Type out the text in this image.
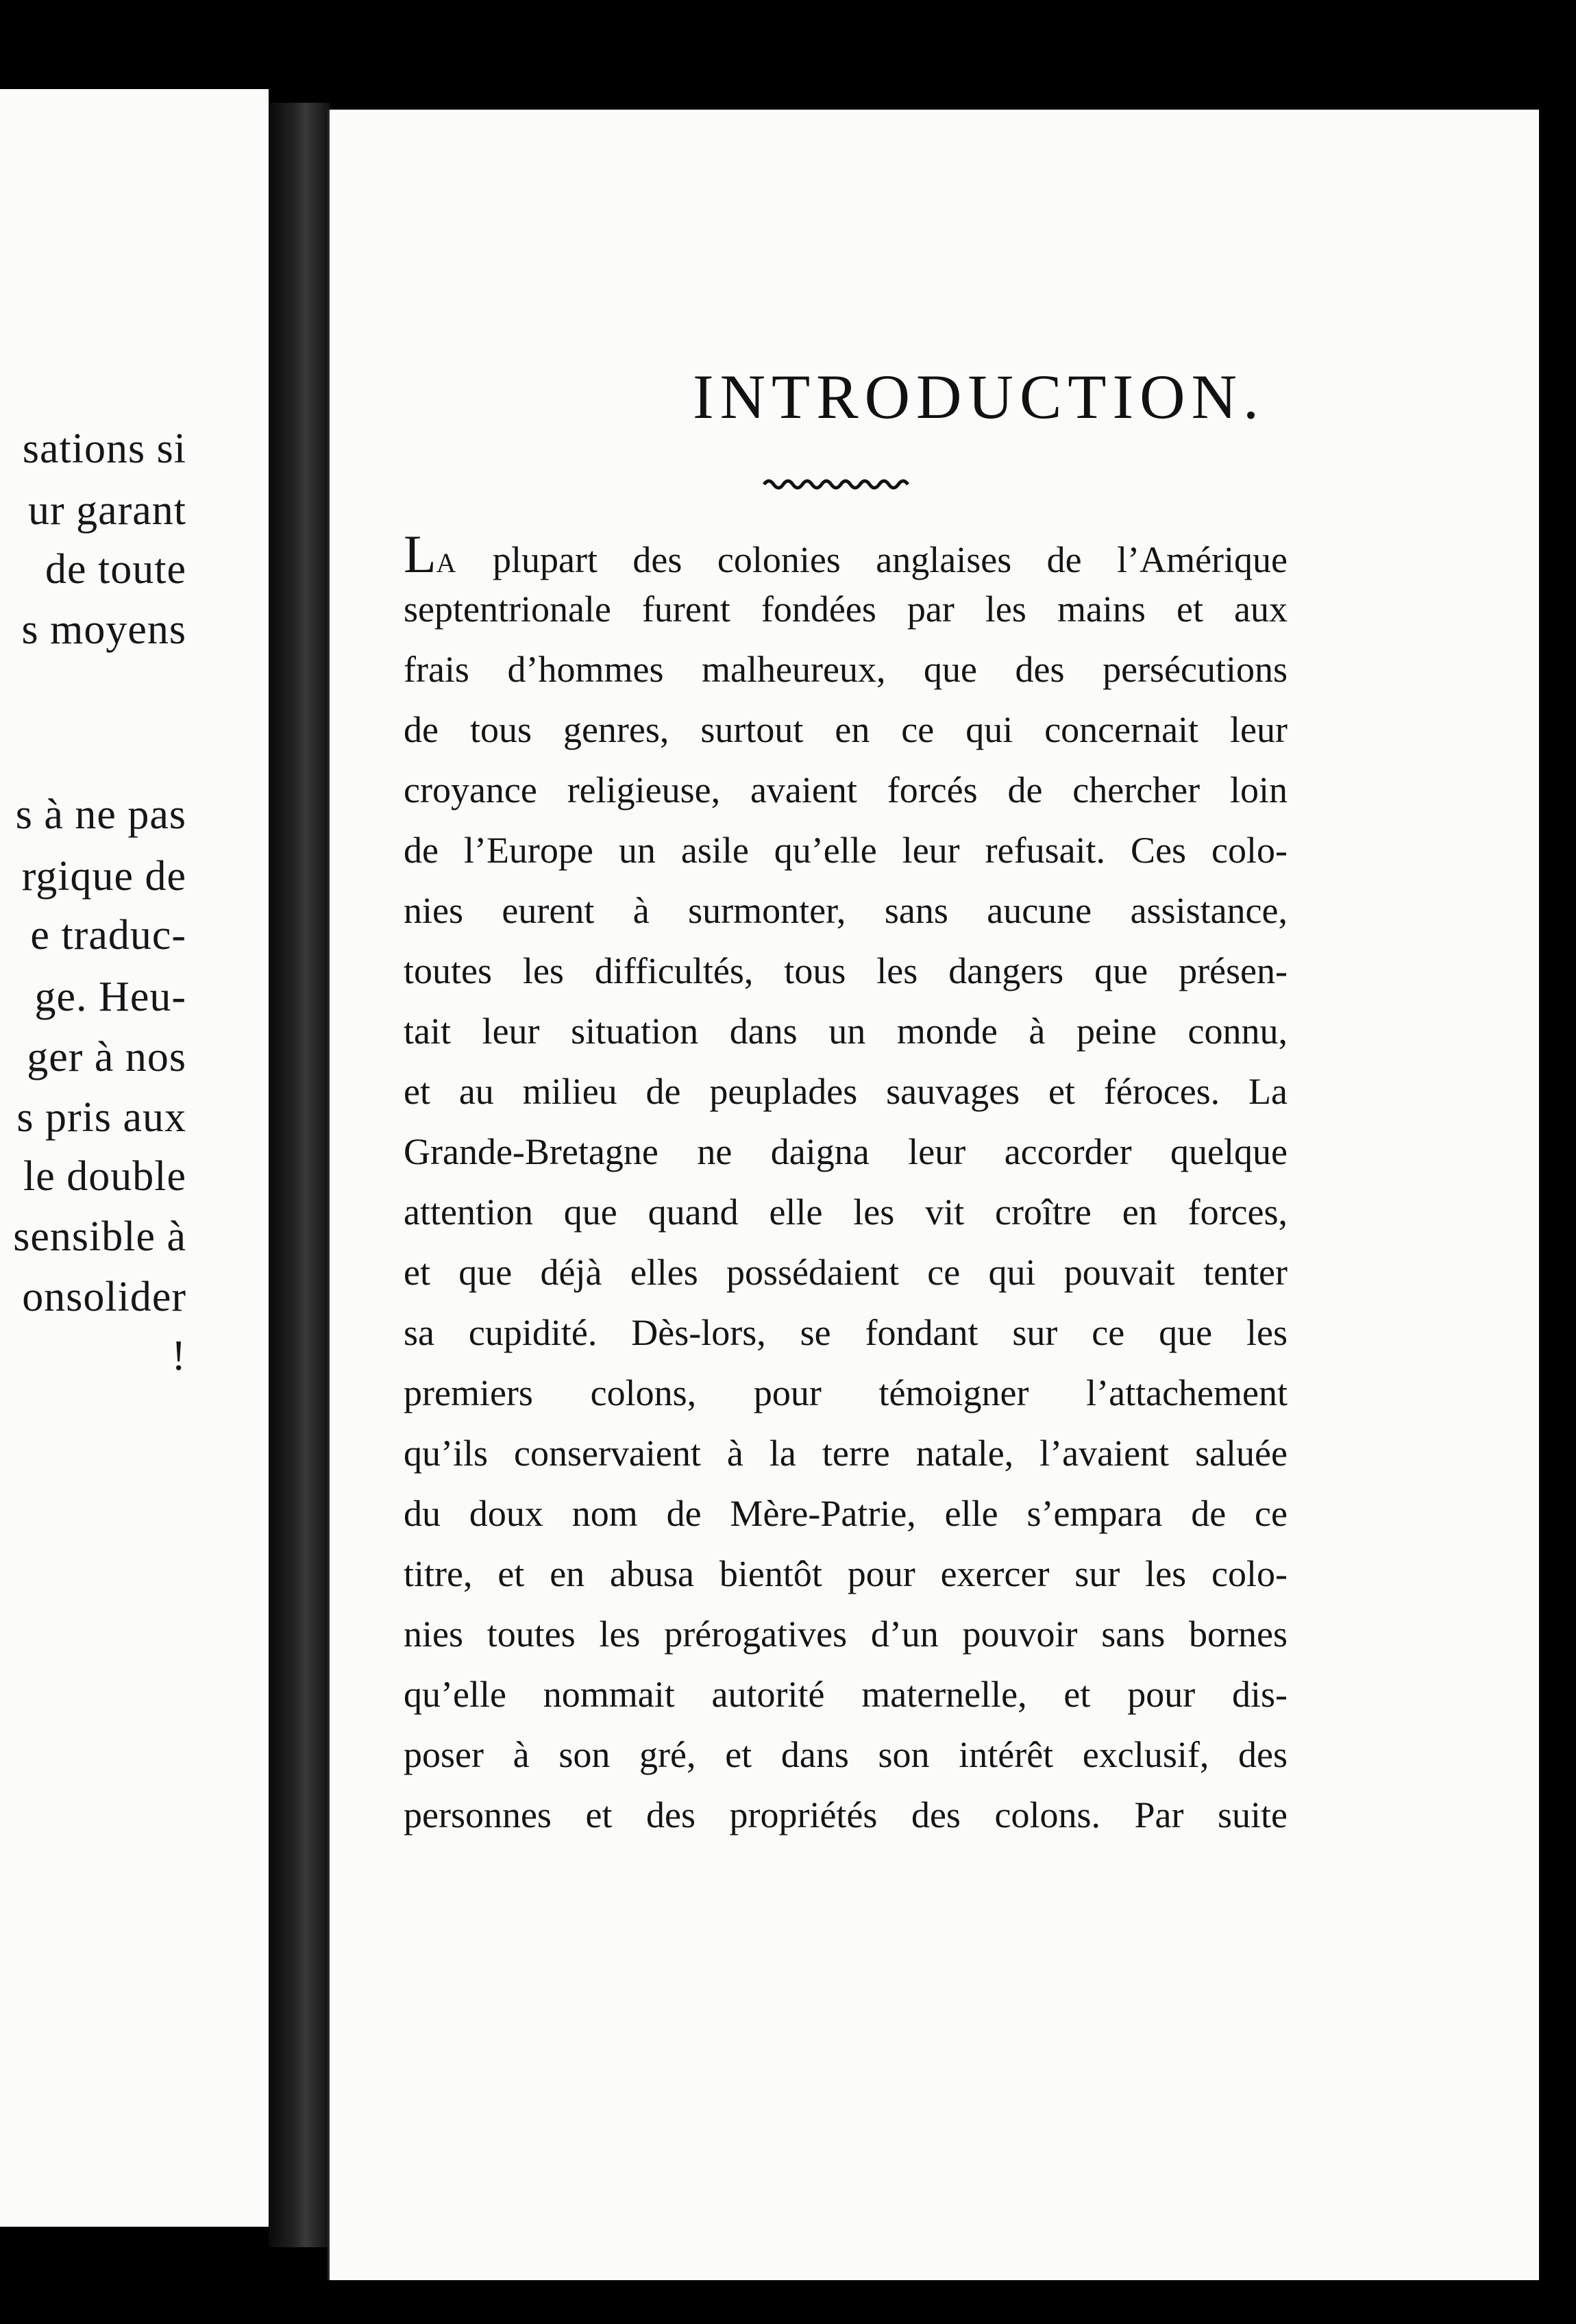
sations si
ur garant
de toute
s moyens
s à ne pas
rgique de
e traduc-
ge. Heu-
ger à nos
s pris aux
le double
sensible à
onsolider
!
INTRODUCTION.
LA plupart des colonies anglaises de l’Amérique
septentrionale furent fondées par les mains et aux
frais d’hommes malheureux, que des persécutions
de tous genres, surtout en ce qui concernait leur
croyance religieuse, avaient forcés de chercher loin
de l’Europe un asile qu’elle leur refusait. Ces colo-
nies eurent à surmonter, sans aucune assistance,
toutes les difficultés, tous les dangers que présen-
tait leur situation dans un monde à peine connu,
et au milieu de peuplades sauvages et féroces. La
Grande-Bretagne ne daigna leur accorder quelque
attention que quand elle les vit croître en forces,
et que déjà elles possédaient ce qui pouvait tenter
sa cupidité. Dès-lors, se fondant sur ce que les
premiers colons, pour témoigner l’attachement
qu’ils conservaient à la terre natale, l’avaient saluée
du doux nom de Mère-Patrie, elle s’empara de ce
titre, et en abusa bientôt pour exercer sur les colo-
nies toutes les prérogatives d’un pouvoir sans bornes
qu’elle nommait autorité maternelle, et pour dis-
poser à son gré, et dans son intérêt exclusif, des
personnes et des propriétés des colons. Par suite
